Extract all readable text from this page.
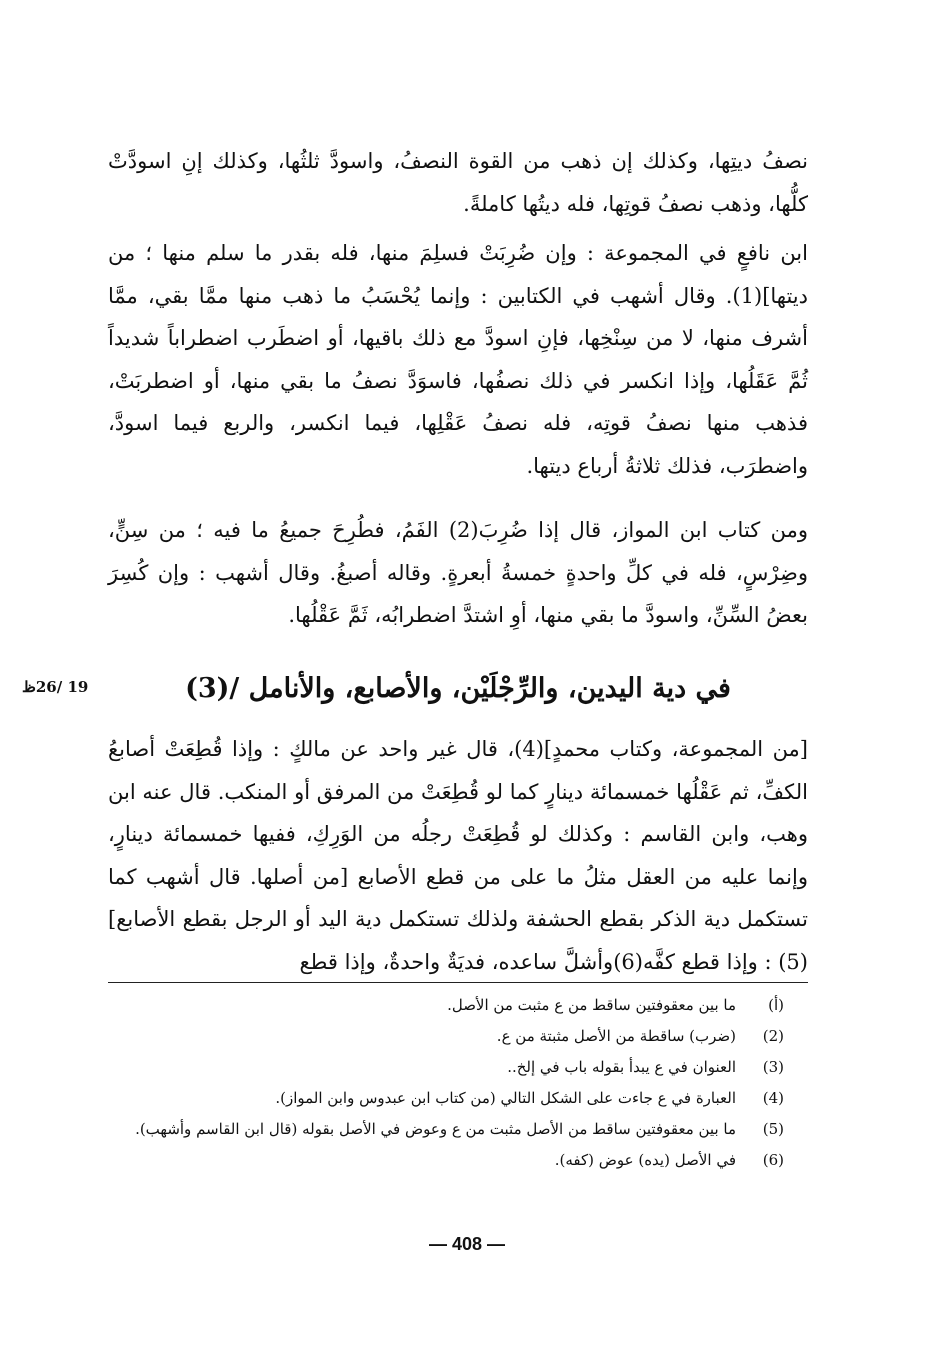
نصفُ ديتِها، وكذلك إن ذهب من القوة النصفُ، واسودَّ ثلثُها، وكذلك إنِ اسودَّتْ كلُّها، وذهب نصفُ قوتِها، فله ديتُها كاملةً.

ابن نافعٍ في المجموعة : وإن ضُرِبَتْ فسلِمَ منها، فله بقدر ما سلم منها ؛ من ديتها](1). وقال أشهب في الكتابين : وإنما يُحْسَبُ ما ذهب منها ممَّا بقي، ممَّا أشرف منها، لا من سِنْخِها، فإنِ اسودَّ مع ذلك باقيها، أو اضطَرب اضطراباً شديداً ثُمَّ عَقَلُها، وإذا انكسر في ذلك نصفُها، فاسوَدَّ نصفُ ما بقي منها، أو اضطربَتْ، فذهب منها نصفُ قوتِه، فله نصفُ عَقْلِها، فيما انكسر، والربع فيما اسودَّ، واضطرَب، فذلك ثلاثةُ أرباع ديتها.

ومن كتاب ابن المواز، قال إذا ضُرِبَ(2) الفَمُ، فطُرِحَ جميعُ ما فيه ؛ من سِنٍّ، وضِرْسٍ، فله في كلِّ واحدةٍ خمسةُ أبعرةٍ. وقاله أصبغُ. وقال أشهب : وإن كُسِرَ بعضُ السِّنِّ، واسودَّ ما بقي منها، أوِ اشتدَّ اضطرابُه، ثَمَّ عَقْلُها.

في دية اليدين، والرِّجْلَيْن، والأصابع، والأنامل /(3)
19 /26ظ

[من المجموعة، وكتاب محمدٍ](4)، قال غير واحد عن مالكٍ : وإذا قُطِعَتْ أصابعُ الكفِّ، ثم عَقْلُها خمسمائة دينارٍ كما لو قُطِعَتْ من المرفق أو المنكب. قال عنه ابن وهب، وابن القاسم : وكذلك لو قُطِعَتْ رجلُه من الوَرِكِ، ففيها خمسمائة دينارٍ، وإنما عليه من العقل مثلُ ما على من قطع الأصابع [من أصلها. قال أشهب كما تستكمل دية الذكر بقطع الحشفة ولذلك تستكمل دية اليد أو الرجل بقطع الأصابع](5) : وإذا قطع كفَّه(6)وأشلَّ ساعده، فديَةٌ واحدةٌ، وإذا قطع

(أ)
ما بين معقوفتين ساقط من ع مثبت من الأصل.
(2)
(ضرب) ساقطة من الأصل مثبتة من ع.
(3)
العنوان في ع يبدأ بقوله باب في إلخ..
(4)
العبارة في ع جاءت على الشكل التالي (من كتاب ابن عبدوس وابن المواز).
(5)
ما بين معقوفتين ساقط من الأصل مثبت من ع وعوض في الأصل بقوله (قال ابن القاسم وأشهب).
(6)
في الأصل (يده) عوض (كفه).
— 408 —
